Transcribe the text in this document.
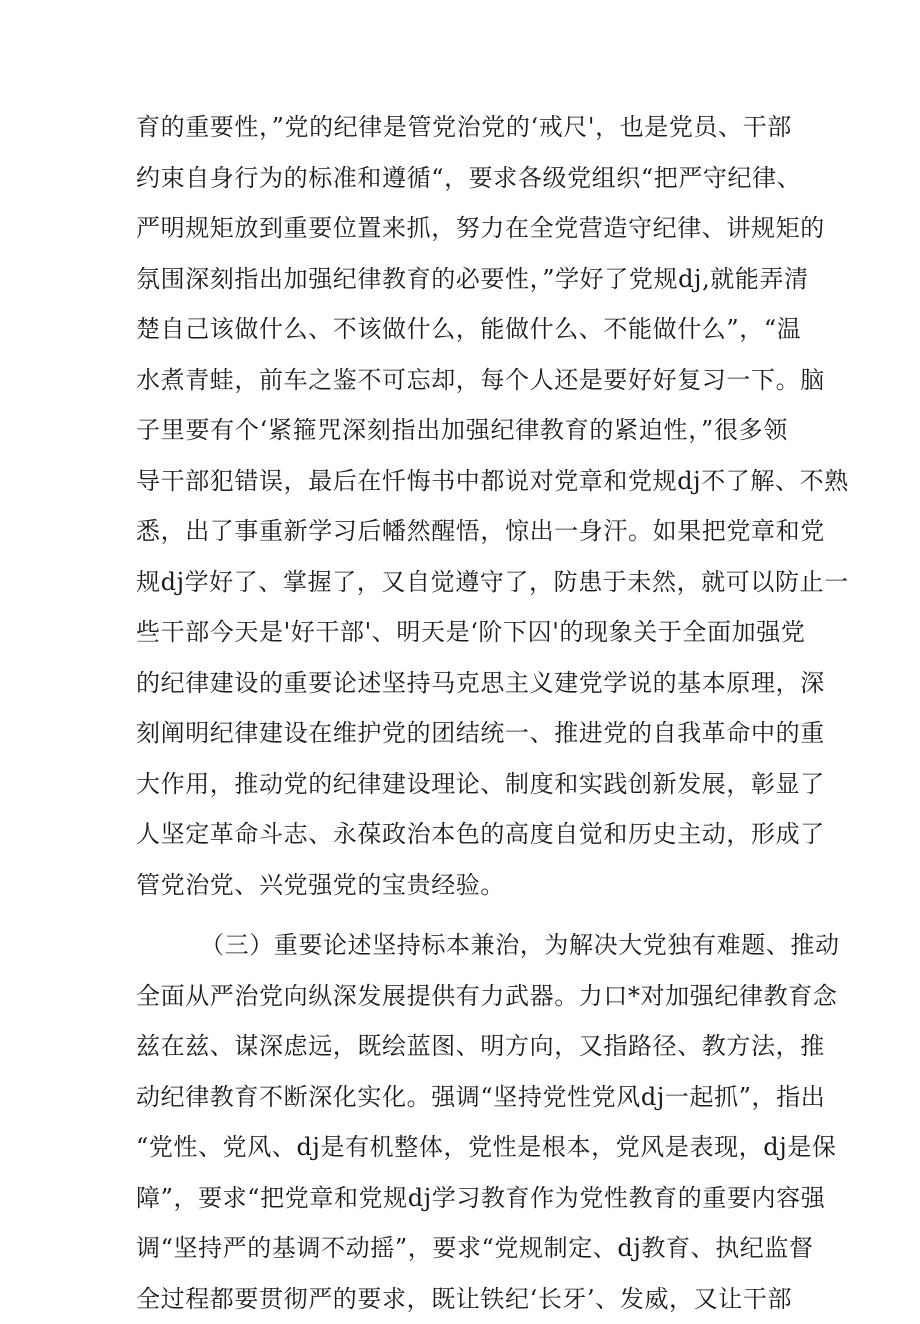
育的重要性，”党的纪律是管党治党的‘戒尺'，也是党员、干部
约束自身行为的标准和遵循“，要求各级党组织“把严守纪律、
严明规矩放到重要位置来抓，努力在全党营造守纪律、讲规矩的
氛围深刻指出加强纪律教育的必要性，”学好了党规dj,就能弄清
楚自己该做什么、不该做什么，能做什么、不能做什么”，“温
水煮青蛙，前车之鉴不可忘却，每个人还是要好好复习一下。脑
子里要有个‘紧箍咒深刻指出加强纪律教育的紧迫性，”很多领
导干部犯错误，最后在忏悔书中都说对党章和党规dj不了解、不熟
悉，出了事重新学习后幡然醒悟，惊出一身汗。如果把党章和党
规dj学好了、掌握了，又自觉遵守了，防患于未然，就可以防止一
些干部今天是'好干部'、明天是‘阶下囚'的现象关于全面加强党
的纪律建设的重要论述坚持马克思主义建党学说的基本原理，深
刻阐明纪律建设在维护党的团结统一、推进党的自我革命中的重
大作用，推动党的纪律建设理论、制度和实践创新发展，彰显了
人坚定革命斗志、永葆政治本色的高度自觉和历史主动，形成了
管党治党、兴党强党的宝贵经验。
（三）重要论述坚持标本兼治，为解决大党独有难题、推动
全面从严治党向纵深发展提供有力武器。力口*对加强纪律教育念
兹在兹、谋深虑远，既绘蓝图、明方向，又指路径、教方法，推
动纪律教育不断深化实化。强调“坚持党性党风dj一起抓”，指出
“党性、党风、dj是有机整体，党性是根本，党风是表现，dj是保
障”，要求“把党章和党规dj学习教育作为党性教育的重要内容强
调“坚持严的基调不动摇”，要求“党规制定、dj教育、执纪监督
全过程都要贯彻严的要求，既让铁纪‘长牙’、发威，又让干部
